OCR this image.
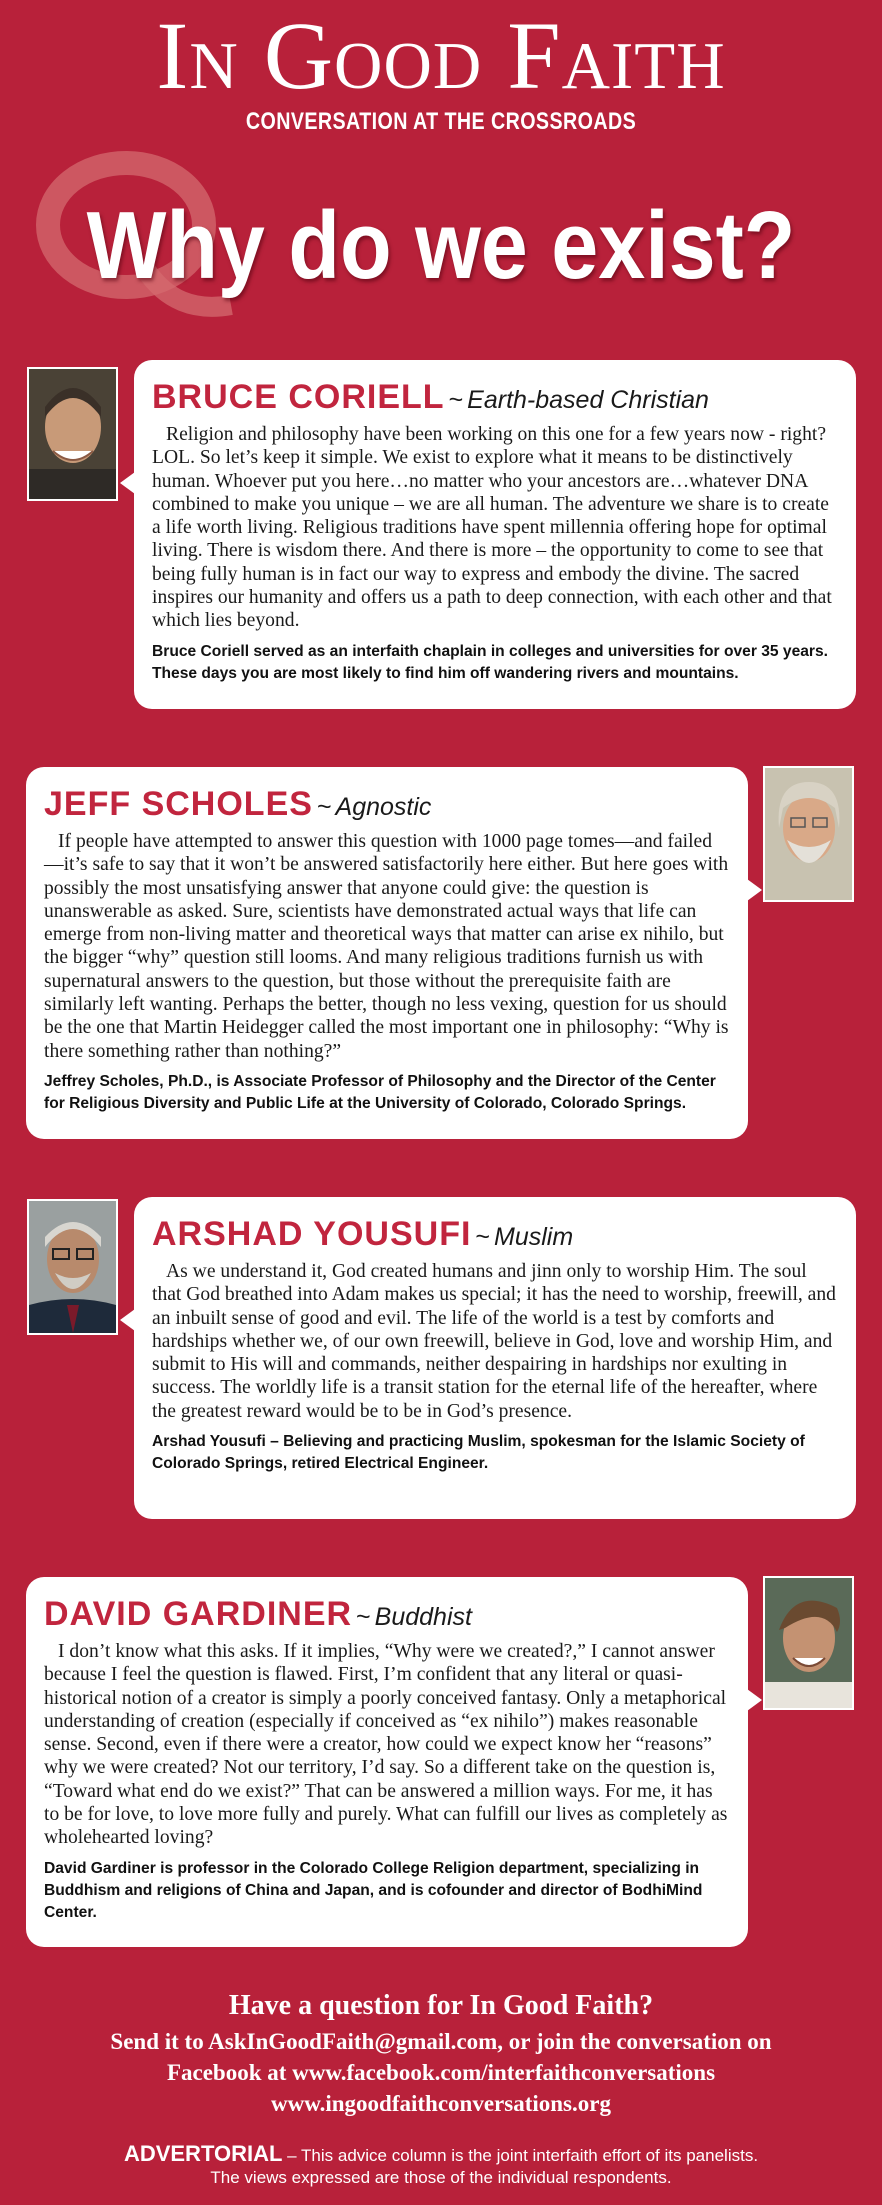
In Good Faith
CONVERSATION AT THE CROSSROADS
Why do we exist?
BRUCE CORIELL ~ Earth-based Christian
Religion and philosophy have been working on this one for a few years now - right? LOL. So let’s keep it simple. We exist to explore what it means to be distinctively human. Whoever put you here…no matter who your ancestors are…whatever DNA combined to make you unique – we are all human. The adventure we share is to create a life worth living. Religious traditions have spent millennia offering hope for optimal living. There is wisdom there. And there is more – the opportunity to come to see that being fully human is in fact our way to express and embody the divine. The sacred inspires our humanity and offers us a path to deep connection, with each other and that which lies beyond.
Bruce Coriell served as an interfaith chaplain in colleges and universities for over 35 years. These days you are most likely to find him off wandering rivers and mountains.
JEFF SCHOLES ~ Agnostic
If people have attempted to answer this question with 1000 page tomes—and failed—it’s safe to say that it won’t be answered satisfactorily here either. But here goes with possibly the most unsatisfying answer that anyone could give: the question is unanswerable as asked. Sure, scientists have demonstrated actual ways that life can emerge from non-living matter and theoretical ways that matter can arise ex nihilo, but the bigger “why” question still looms. And many religious traditions furnish us with supernatural answers to the question, but those without the prerequisite faith are similarly left wanting. Perhaps the better, though no less vexing, question for us should be the one that Martin Heidegger called the most important one in philosophy: “Why is there something rather than nothing?”
Jeffrey Scholes, Ph.D., is Associate Professor of Philosophy and the Director of the Center for Religious Diversity and Public Life at the University of Colorado, Colorado Springs.
ARSHAD YOUSUFI ~ Muslim
As we understand it, God created humans and jinn only to worship Him. The soul that God breathed into Adam makes us special; it has the need to worship, freewill, and an inbuilt sense of good and evil. The life of the world is a test by comforts and hardships whether we, of our own freewill, believe in God, love and worship Him, and submit to His will and commands, neither despairing in hardships nor exulting in success. The worldly life is a transit station for the eternal life of the hereafter, where the greatest reward would be to be in God’s presence.
Arshad Yousufi – Believing and practicing Muslim, spokesman for the Islamic Society of Colorado Springs, retired Electrical Engineer.
DAVID GARDINER ~ Buddhist
I don’t know what this asks. If it implies, “Why were we created?,” I cannot answer because I feel the question is flawed. First, I’m confident that any literal or quasi-historical notion of a creator is simply a poorly conceived fantasy. Only a metaphorical understanding of creation (especially if conceived as “ex nihilo”) makes reasonable sense. Second, even if there were a creator, how could we expect know her “reasons” why we were created? Not our territory, I’d say. So a different take on the question is, “Toward what end do we exist?” That can be answered a million ways. For me, it has to be for love, to love more fully and purely. What can fulfill our lives as completely as wholehearted loving?
David Gardiner is professor in the Colorado College Religion department, specializing in Buddhism and religions of China and Japan, and is cofounder and director of BodhiMind Center.
Have a question for In Good Faith?
Send it to AskInGoodFaith@gmail.com, or join the conversation on
Facebook at www.facebook.com/interfaithconversations
www.ingoodfaithconversations.org
ADVERTORIAL – This advice column is the joint interfaith effort of its panelists.
The views expressed are those of the individual respondents.
